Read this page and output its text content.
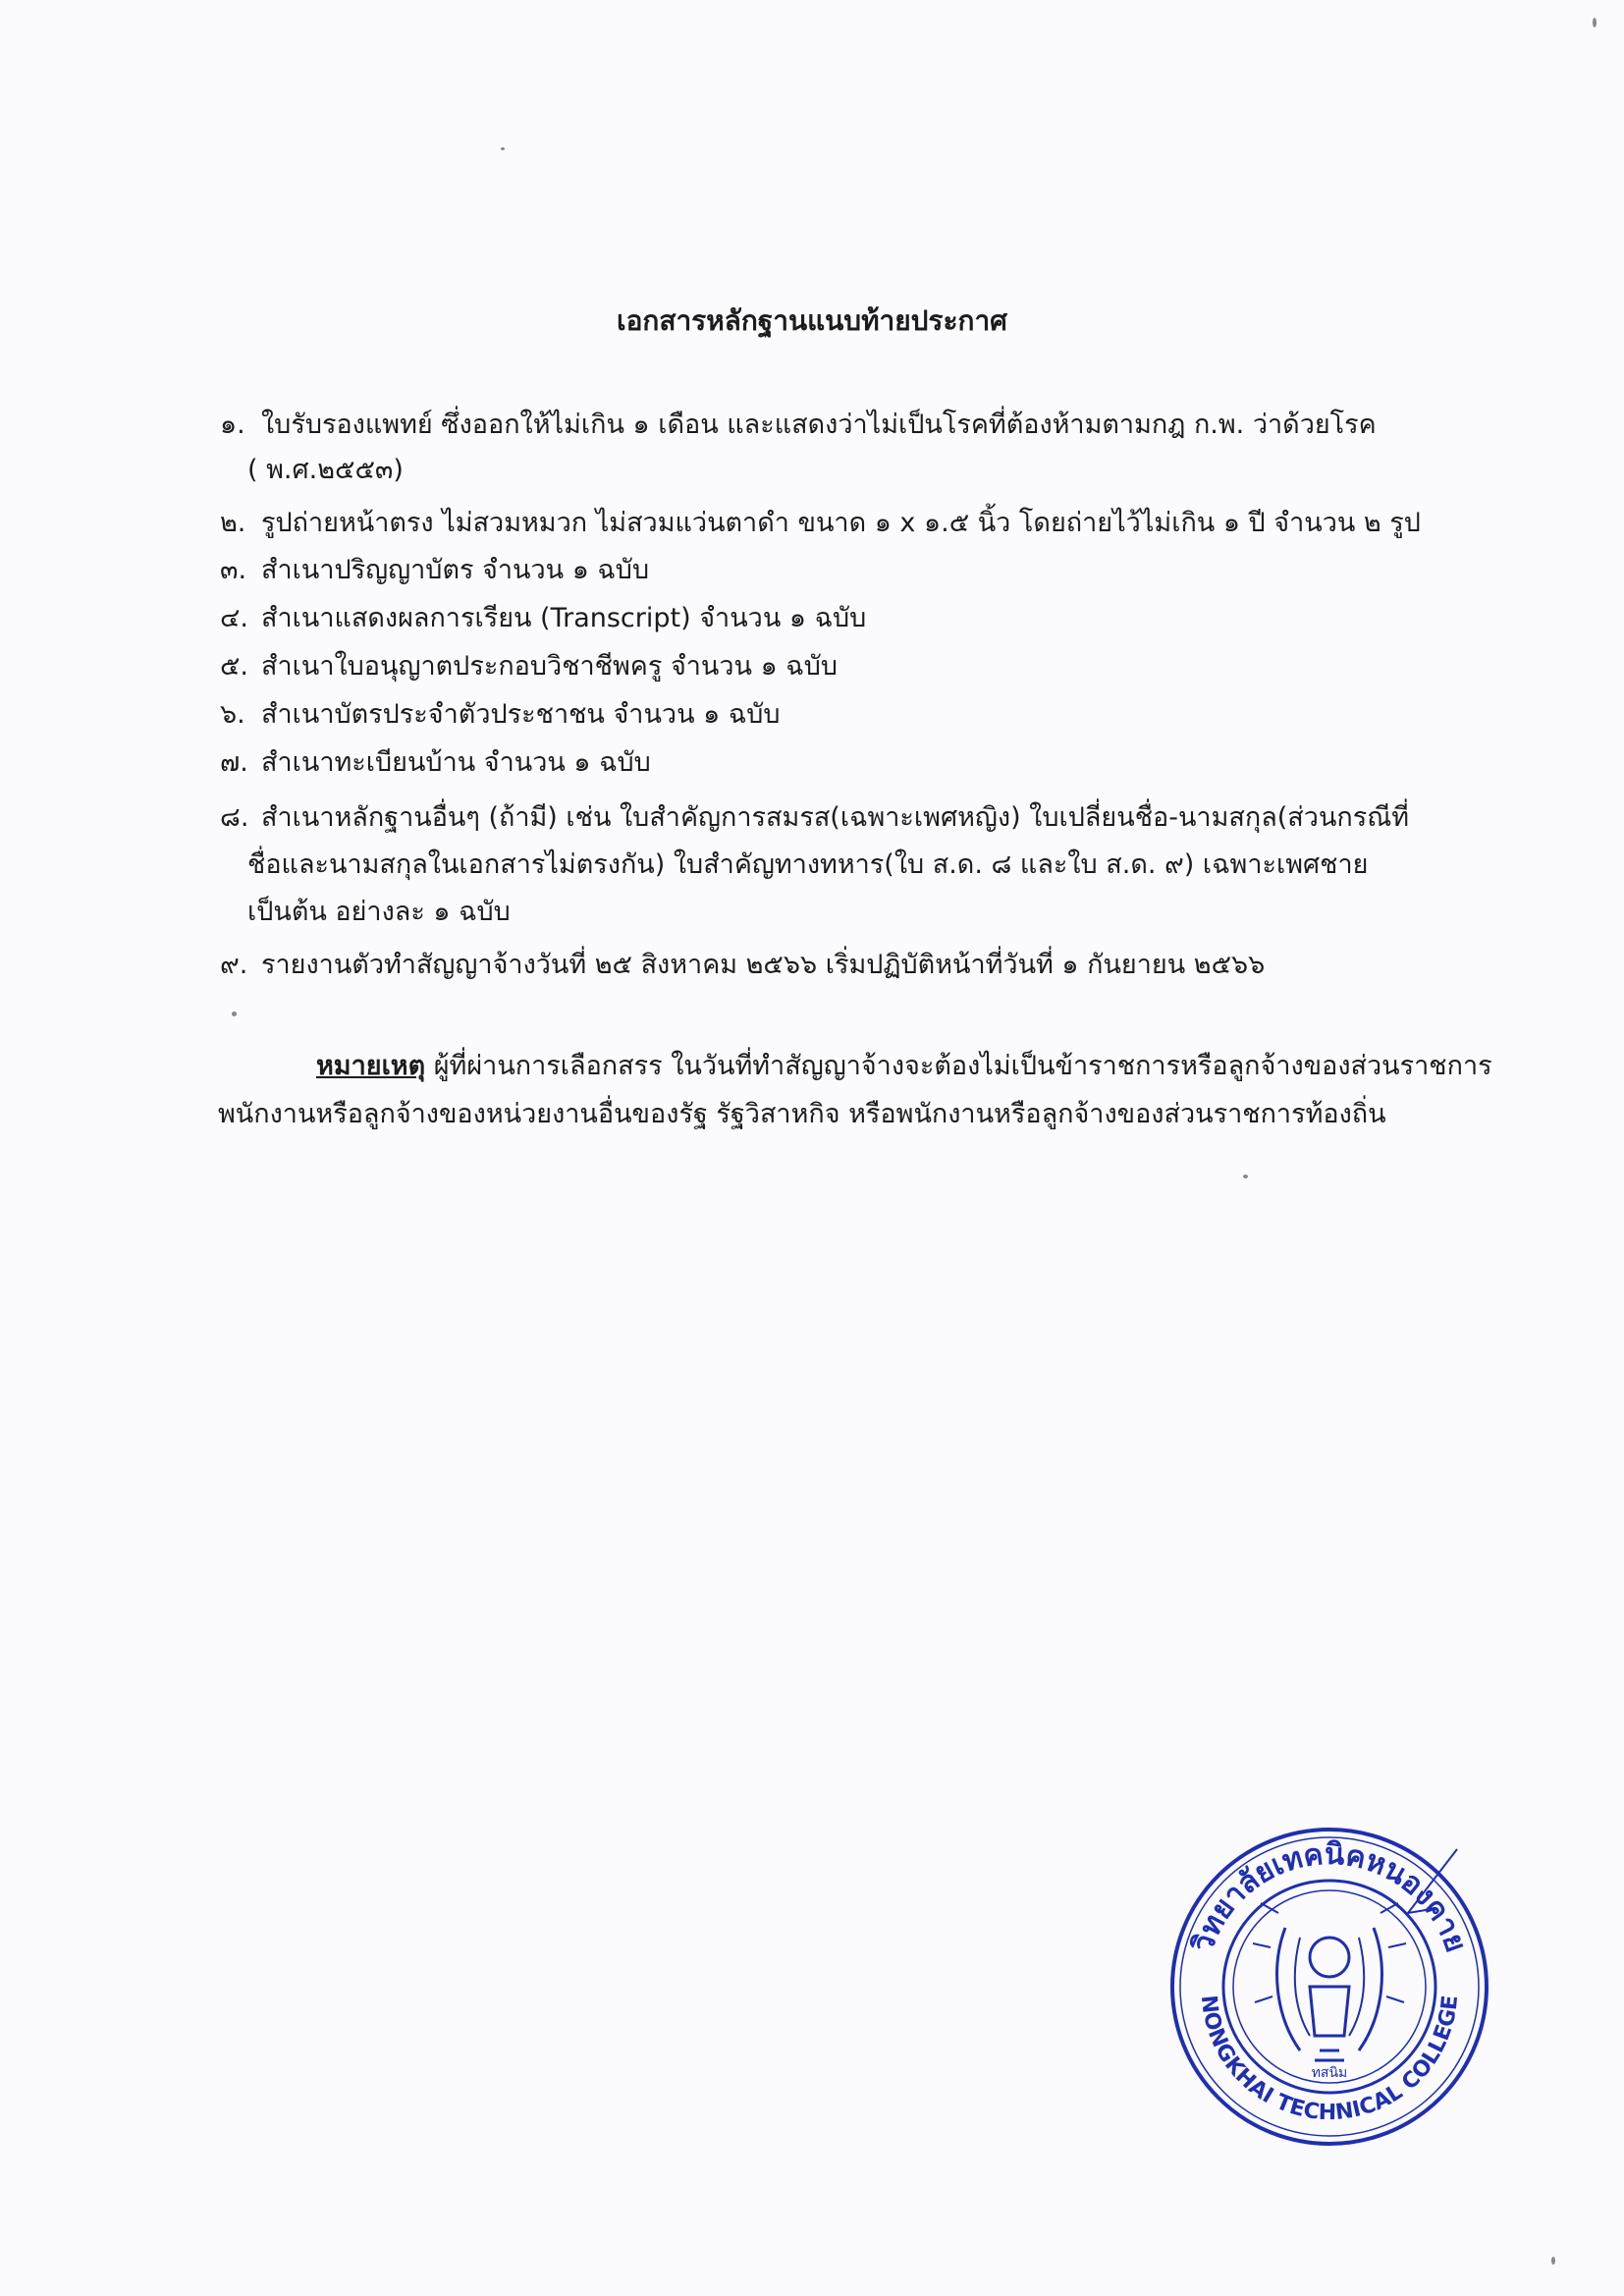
เอกสารหลักฐานแนบท้ายประกาศ
๑. ใบรับรองแพทย์ ซึ่งออกให้ไม่เกิน ๑ เดือน และแสดงว่าไม่เป็นโรคที่ต้องห้ามตามกฎ ก.พ. ว่าด้วยโรค
( พ.ศ.๒๕๕๓)
๒. รูปถ่ายหน้าตรง ไม่สวมหมวก ไม่สวมแว่นตาดำ ขนาด ๑ x ๑.๕ นิ้ว โดยถ่ายไว้ไม่เกิน ๑ ปี จำนวน ๒ รูป
๓. สำเนาปริญญาบัตร จำนวน ๑ ฉบับ
๔. สำเนาแสดงผลการเรียน (Transcript) จำนวน ๑ ฉบับ
๕. สำเนาใบอนุญาตประกอบวิชาชีพครู จำนวน ๑ ฉบับ
๖. สำเนาบัตรประจำตัวประชาชน จำนวน ๑ ฉบับ
๗. สำเนาทะเบียนบ้าน จำนวน ๑ ฉบับ
๘. สำเนาหลักฐานอื่นๆ (ถ้ามี) เช่น ใบสำคัญการสมรส(เฉพาะเพศหญิง) ใบเปลี่ยนชื่อ-นามสกุล(ส่วนกรณีที่
ชื่อและนามสกุลในเอกสารไม่ตรงกัน) ใบสำคัญทางทหาร(ใบ ส.ด. ๘ และใบ ส.ด. ๙) เฉพาะเพศชาย
เป็นต้น อย่างละ ๑ ฉบับ
๙. รายงานตัวทำสัญญาจ้างวันที่ ๒๕ สิงหาคม ๒๕๖๖ เริ่มปฏิบัติหน้าที่วันที่ ๑ กันยายน ๒๕๖๖
หมายเหตุ ผู้ที่ผ่านการเลือกสรร ในวันที่ทำสัญญาจ้างจะต้องไม่เป็นข้าราชการหรือลูกจ้างของส่วนราชการ
พนักงานหรือลูกจ้างของหน่วยงานอื่นของรัฐ รัฐวิสาหกิจ หรือพนักงานหรือลูกจ้างของส่วนราชการท้องถิ่น
วิทยาลัยเทคนิคหนองคาย
NONGKHAI TECHNICAL COLLEGE
ทสนิม
